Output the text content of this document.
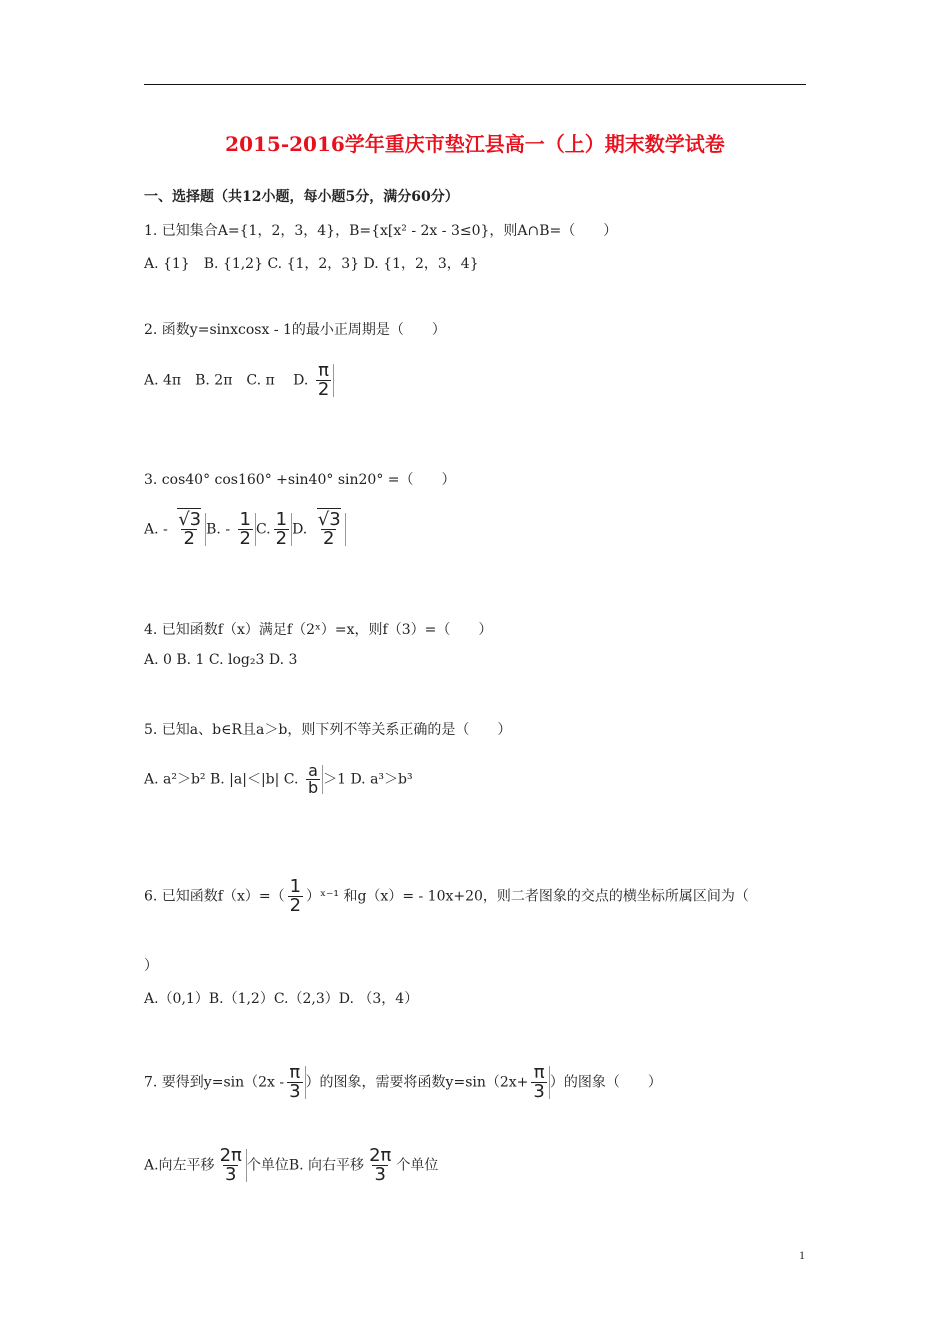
2015-2016学年重庆市垫江县高一（上）期末数学试卷
一、选择题（共12小题，每小题5分，满分60分）
1. 已知集合A={1，2，3，4}，B={x[x² - 2x - 3≤0}，则A∩B=（　　）
A. {1}　B. {1,2} C. {1，2，3} D. {1，2，3，4}
2. 函数y=sinxcosx - 1的最小正周期是（　　）
A. 4π　B. 2π　C. π　 D. $\frac{\pi}{2}$
3. cos40° cos160° +sin40° sin20° =（　　）
A. - $\frac{√3}{2} B$. - $\frac{1}{2} C$. $\frac{1}{2} D$. $\frac{√3}{2}$
4. 已知函数f（x）满足f（2ˣ）=x，则f（3）=（　　）
A. 0 B. 1 C. log₂3 D. 3
5. 已知a、b∈R且a＞b，则下列不等关系正确的是（　　）
A. a²＞b² B. |a|＜|b| C. $\frac{a}{b} >1$ D. a³＞b³
6. 已知函数$f(x)=( \frac{1}{2}$ ）ˣ⁻¹ 和g（x）= - 10x+20，则二者图象的交点的横坐标所属区间为（
）
A.（0,1）B.（1,2）C.（2,3）D. （3，4）
7. 要得到$y=\sin(2x - \frac{\pi}{3}$ ）的图象，需要将函数$y=\sin(2x+ \frac{\pi}{3}$ ）的图象（　　）
A.向左平移 $\frac{2\pi}{3}$ 个单位B. 向右平移 $\frac{2\pi}{3}$ 个单位
1
